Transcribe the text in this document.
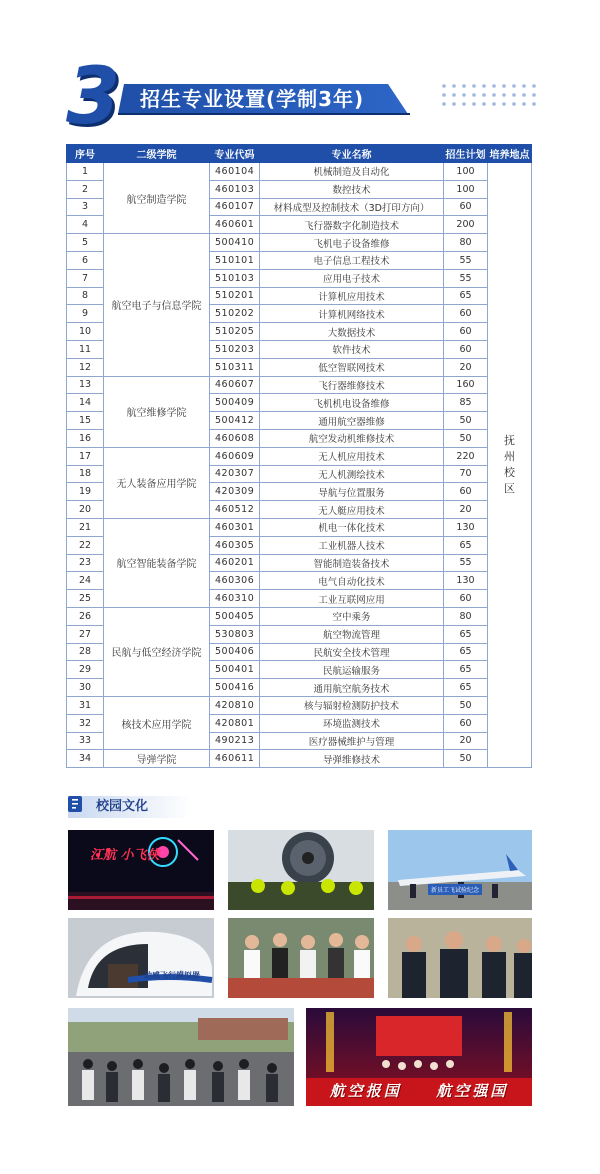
3 招生专业设置(学制3年)
序号	二级学院	专业代码	专业名称	招生计划	培养地点
1	航空制造学院	460104	机械制造及自动化	100	抚州校区
2		460103	数控技术	100	
3		460107	材料成型及控制技术（3D打印方向）	60	
4		460601	飞行器数字化制造技术	200	
5	航空电子与信息学院	500410	飞机电子设备维修	80	
6		510101	电子信息工程技术	55	
7		510103	应用电子技术	55	
8		510201	计算机应用技术	65	
9		510202	计算机网络技术	60	
10		510205	大数据技术	60	
11		510203	软件技术	60	
12		510311	低空智联网技术	20	
13	航空维修学院	460607	飞行器维修技术	160	
14		500409	飞机机电设备维修	85	
15		500412	通用航空器维修	50	
16		460608	航空发动机维修技术	50	
17	无人装备应用学院	460609	无人机应用技术	220	
18		420307	无人机测绘技术	70	
19		420309	导航与位置服务	60	
20		460512	无人艇应用技术	20	
21	航空智能装备学院	460301	机电一体化技术	130	
22		460305	工业机器人技术	65	
23		460201	智能制造装备技术	55	
24		460306	电气自动化技术	130	
25		460310	工业互联网应用	60	
26	民航与低空经济学院	500405	空中乘务	80	
27		530803	航空物流管理	65	
28		500406	民航安全技术管理	65	
29		500401	民航运输服务	65	
30		500416	通用航空航务技术	65	
31	核技术应用学院	420810	核与辐射检测防护技术	50	
32		420801	环境监测技术	60	
33		490213	医疗器械维护与管理	20	
34	导弹学院	460611	导弹维修技术	50	
校园文化
江航 小飞侠
新员工飞试验纪念
动感飞行模拟器
航空报国 航空强国
